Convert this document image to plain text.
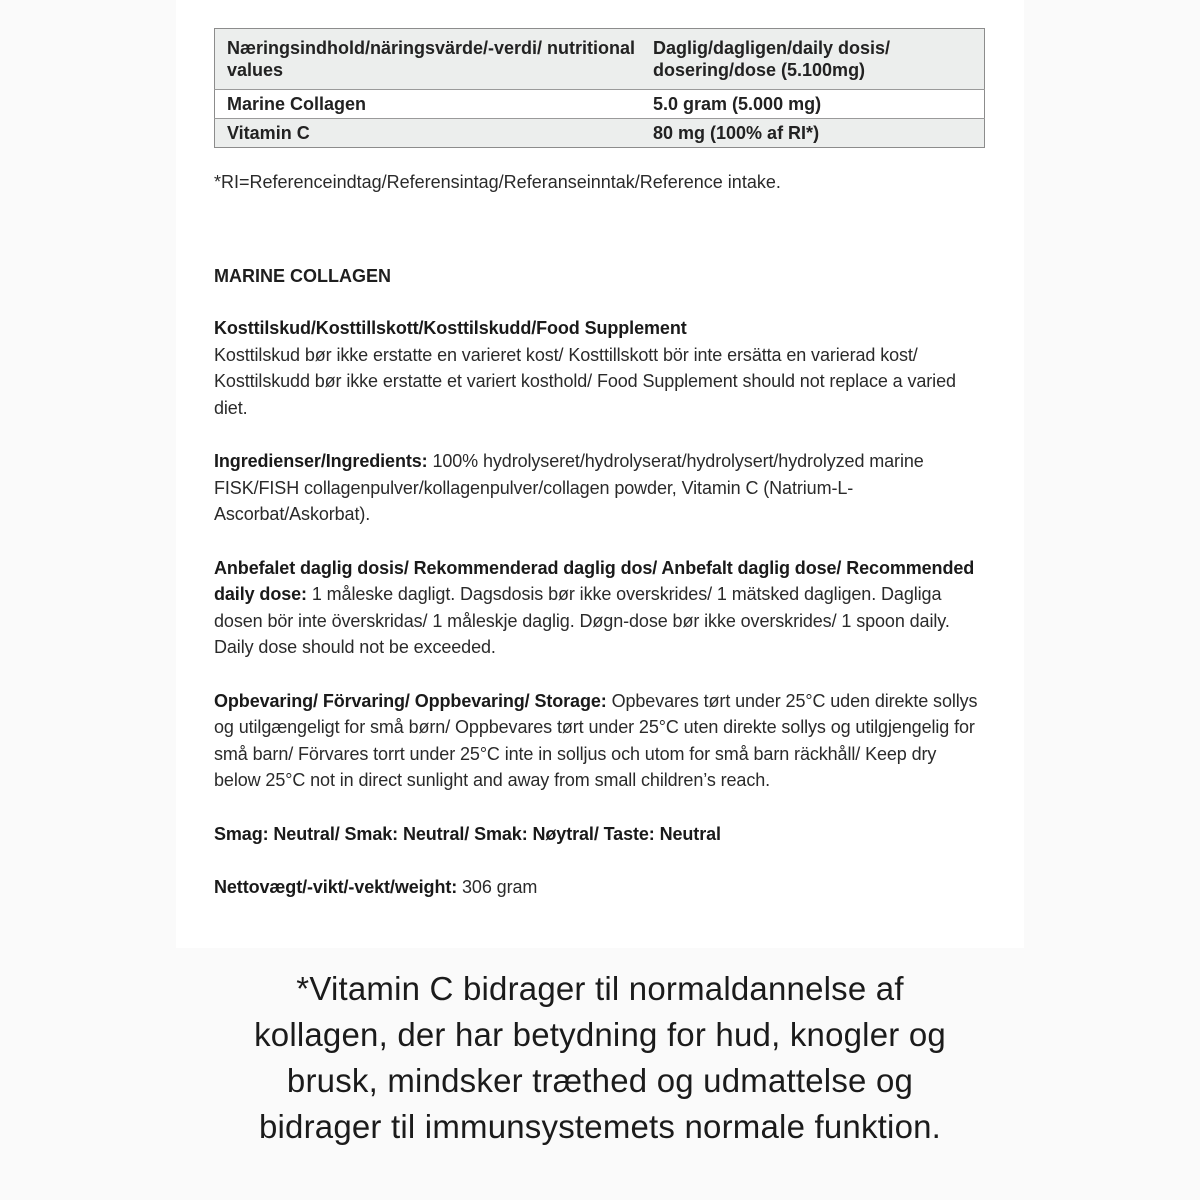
Næringsindhold/näringsvärde/-verdi/ nutritional values	Daglig/dagligen/daily dosis/ dosering/dose (5.100mg)
Marine Collagen	5.0 gram (5.000 mg)
Vitamin C	80 mg (100% af RI*)
*RI=Referenceindtag/Referensintag/Referanseinntak/Reference intake.
MARINE COLLAGEN
Kosttilskud/Kosttillskott/Kosttilskudd/Food Supplement
Kosttilskud bør ikke erstatte en varieret kost/ Kosttillskott bör inte ersätta en varierad kost/ Kosttilskudd bør ikke erstatte et variert kosthold/ Food Supplement should not replace a varied diet.
Ingredienser/Ingredients: 100% hydrolyseret/hydrolyserat/hydrolysert/hydrolyzed marine FISK/FISH collagenpulver/kollagenpulver/collagen powder, Vitamin C (Natrium-L-Ascorbat/Askorbat).
Anbefalet daglig dosis/ Rekommenderad daglig dos/ Anbefalt daglig dose/ Recommended daily dose: 1 måleske dagligt. Dagsdosis bør ikke overskrides/ 1 mätsked dagligen. Dagliga dosen bör inte överskridas/ 1 måleskje daglig. Døgn-dose bør ikke overskrides/ 1 spoon daily. Daily dose should not be exceeded.
Opbevaring/ Förvaring/ Oppbevaring/ Storage: Opbevares tørt under 25°C uden direkte sollys og utilgængeligt for små børn/ Oppbevares tørt under 25°C uten direkte sollys og utilgjengelig for små barn/ Förvares torrt under 25°C inte in solljus och utom for små barn räckhåll/ Keep dry below 25°C not in direct sunlight and away from small children’s reach.
Smag: Neutral/ Smak: Neutral/ Smak: Nøytral/ Taste: Neutral
Nettovægt/-vikt/-vekt/weight: 306 gram
*Vitamin C bidrager til normaldannelse af
kollagen, der har betydning for hud, knogler og
brusk, mindsker træthed og udmattelse og
bidrager til immunsystemets normale funktion.
